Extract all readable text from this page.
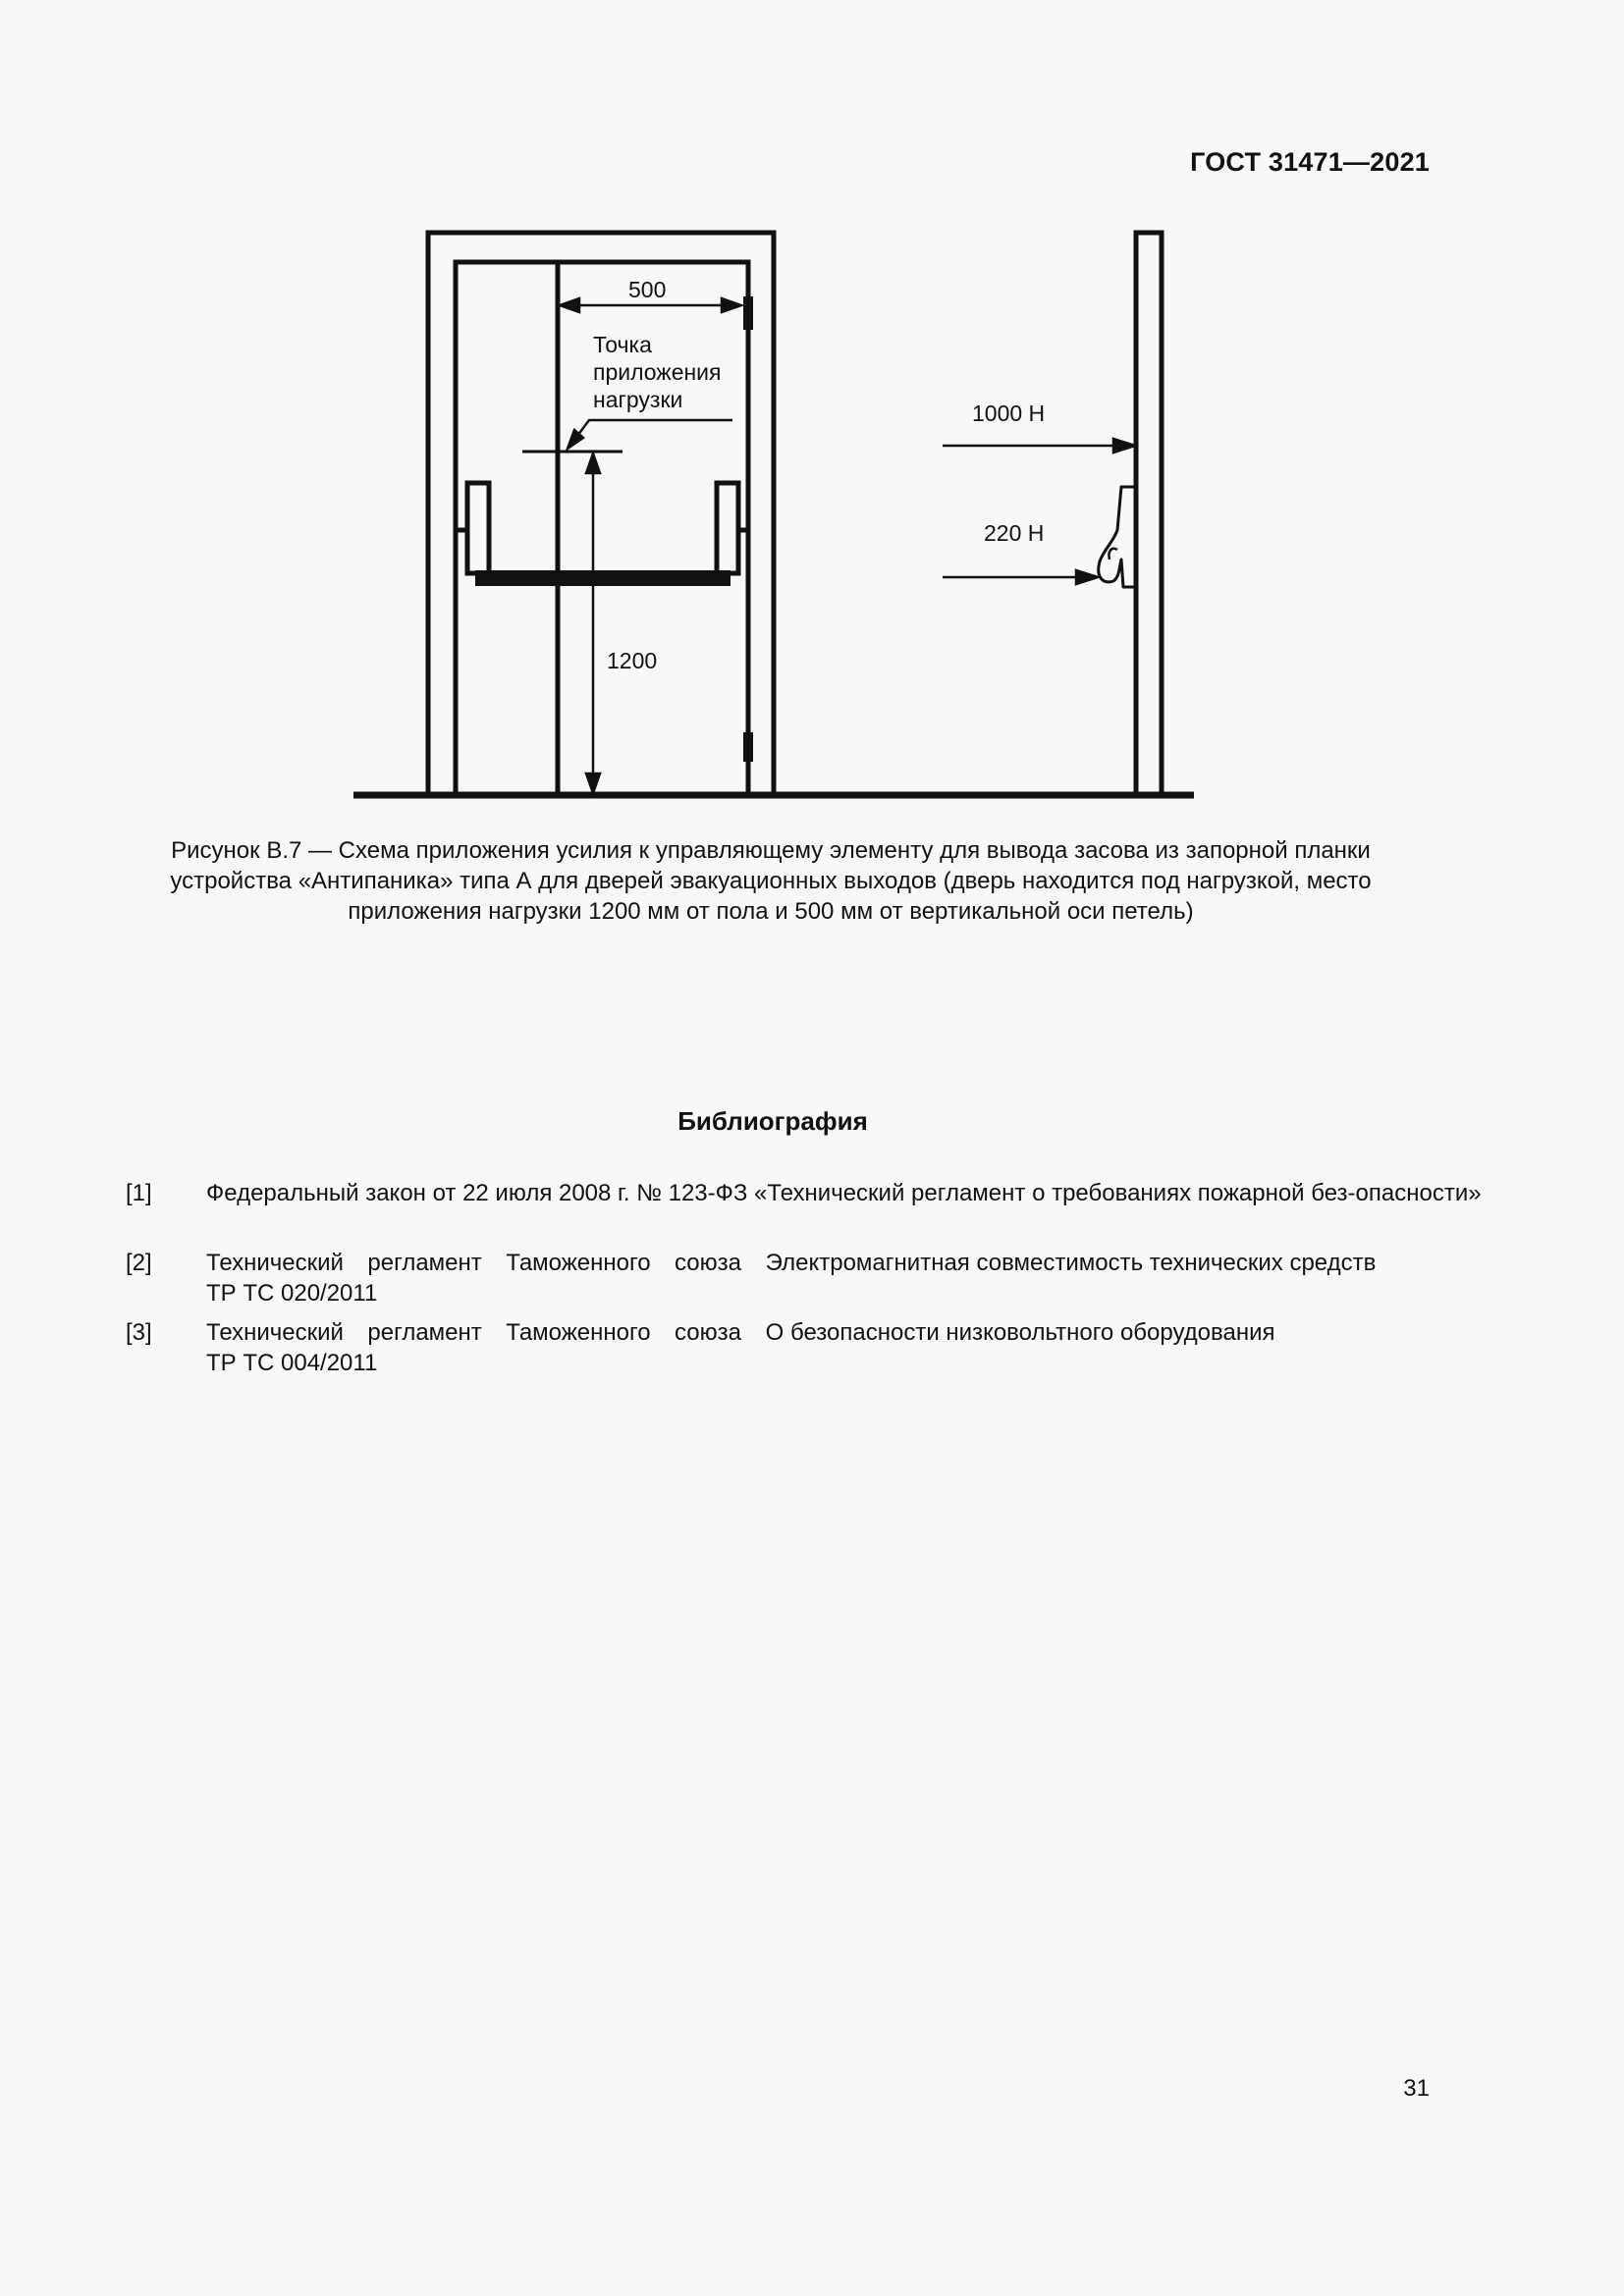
ГОСТ 31471—2021
500
Точка
приложения
нагрузки
1200
1000 Н
220 Н
Рисунок В.7 — Схема приложения усилия к управляющему элементу для вывода засова из запорной планки устройства «Антипаника» типа А для дверей эвакуационных выходов (дверь находится под нагрузкой, место приложения нагрузки 1200 мм от пола и 500 мм от вертикальной оси петель)
Библиография
[1] Федеральный закон от 22 июля 2008 г. № 123-ФЗ «Технический регламент о требованиях пожарной без-опасности»
[2] Технический регламент Таможенного союза Электромагнитная совместимость технических средств
ТР ТС 020/2011
[3] Технический регламент Таможенного союза О безопасности низковольтного оборудования
ТР ТС 004/2011
31
